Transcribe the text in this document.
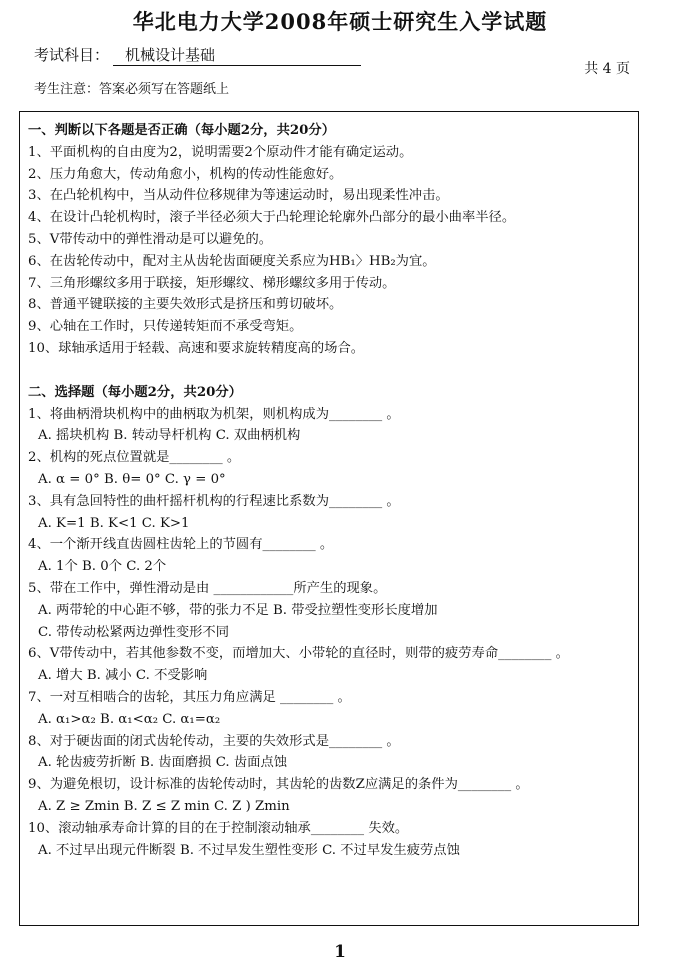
华北电力大学2008年硕士研究生入学试题
考试科目： 机械设计基础
共 4 页
考生注意：答案必须写在答题纸上
一、判断以下各题是否正确（每小题2分，共20分）
1、平面机构的自由度为2，说明需要2个原动件才能有确定运动。
2、压力角愈大，传动角愈小，机构的传动性能愈好。
3、在凸轮机构中，当从动件位移规律为等速运动时，易出现柔性冲击。
4、在设计凸轮机构时，滚子半径必须大于凸轮理论轮廓外凸部分的最小曲率半径。
5、V带传动中的弹性滑动是可以避免的。
6、在齿轮传动中，配对主从齿轮齿面硬度关系应为HB₁〉HB₂为宜。
7、三角形螺纹多用于联接，矩形螺纹、梯形螺纹多用于传动。
8、普通平键联接的主要失效形式是挤压和剪切破坏。
9、心轴在工作时，只传递转矩而不承受弯矩。
10、球轴承适用于轻载、高速和要求旋转精度高的场合。
二、选择题（每小题2分，共20分）
1、将曲柄滑块机构中的曲柄取为机架，则机构成为________ 。
A. 摇块机构 B. 转动导杆机构 C. 双曲柄机构
2、机构的死点位置就是________ 。
A. α = 0° B. θ= 0° C. γ = 0°
3、具有急回特性的曲杆摇杆机构的行程速比系数为________ 。
A. K=1 B. K<1 C. K>1
4、一个渐开线直齿圆柱齿轮上的节圆有________ 。
A. 1个 B. 0个 C. 2个
5、带在工作中，弹性滑动是由 ____________所产生的现象。
A. 两带轮的中心距不够，带的张力不足 B. 带受拉塑性变形长度增加
C. 带传动松紧两边弹性变形不同
6、V带传动中，若其他参数不变，而增加大、小带轮的直径时，则带的疲劳寿命________ 。
A. 增大 B. 减小 C. 不受影响
7、一对互相啮合的齿轮，其压力角应满足 ________ 。
A. α₁>α₂ B. α₁<α₂ C. α₁=α₂
8、对于硬齿面的闭式齿轮传动，主要的失效形式是________ 。
A. 轮齿疲劳折断 B. 齿面磨损 C. 齿面点蚀
9、为避免根切，设计标准的齿轮传动时，其齿轮的齿数Z应满足的条件为________ 。
A. Z ≥ Zmin B. Z ≤ Z min C. Z ) Zmin
10、滚动轴承寿命计算的目的在于控制滚动轴承________ 失效。
A. 不过早出现元件断裂 B. 不过早发生塑性变形 C. 不过早发生疲劳点蚀
1
